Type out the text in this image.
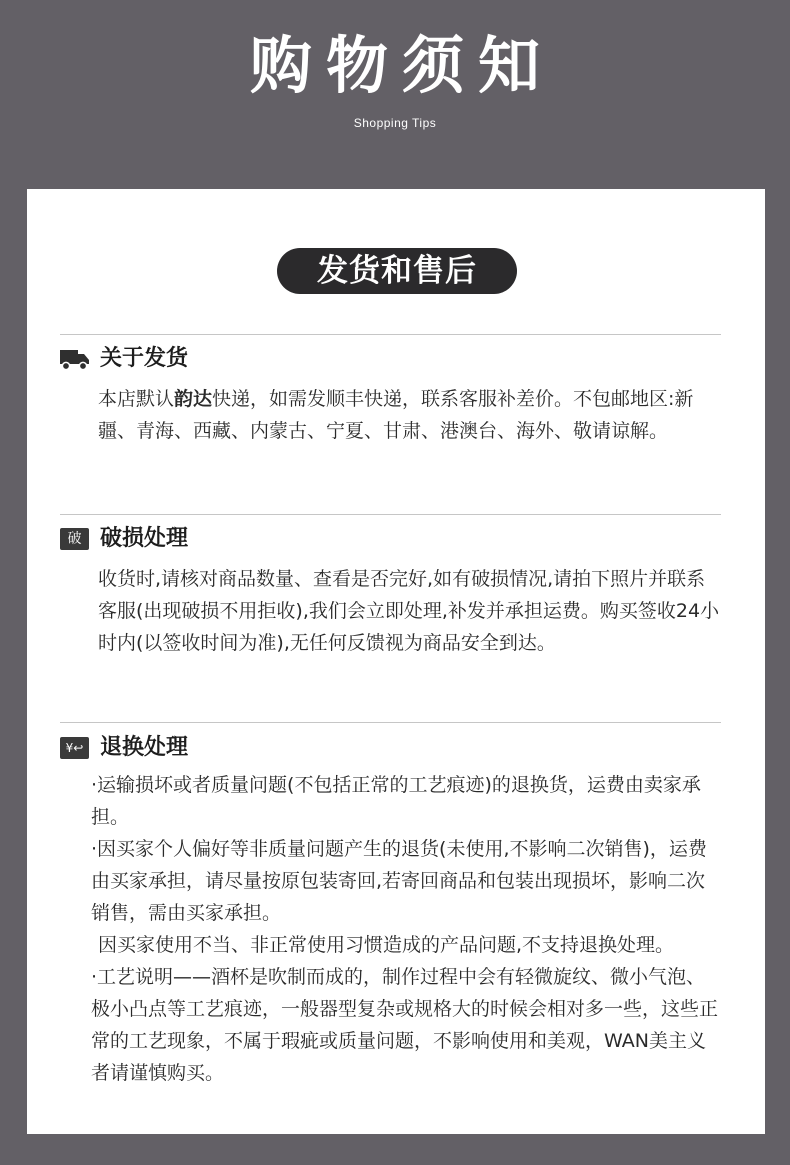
购物须知
Shopping Tips
发货和售后
关于发货

本店默认韵达快递，如需发顺丰快递，联系客服补差价。不包邮地区:新疆、青海、西藏、内蒙古、宁夏、甘肃、港澳台、海外、敬请谅解。

破 破损处理

收货时,请核对商品数量、查看是否完好,如有破损情况,请拍下照片并联系客服(出现破损不用拒收),我们会立即处理,补发并承担运费。购买签收24小时内(以签收时间为准),无任何反馈视为商品安全到达。

¥↩ 退换处理

·运输损坏或者质量问题(不包括正常的工艺痕迹)的退换货，运费由卖家承担。

·因买家个人偏好等非质量问题产生的退货(未使用,不影响二次销售)，运费由买家承担，请尽量按原包装寄回,若寄回商品和包装出现损坏，影响二次销售，需由买家承担。

因买家使用不当、非正常使用习惯造成的产品问题,不支持退换处理。

·工艺说明——酒杯是吹制而成的，制作过程中会有轻微旋纹、微小气泡、极小凸点等工艺痕迹，一般器型复杂或规格大的时候会相对多一些，这些正常的工艺现象，不属于瑕疵或质量问题，不影响使用和美观，WAN美主义者请谨慎购买。
